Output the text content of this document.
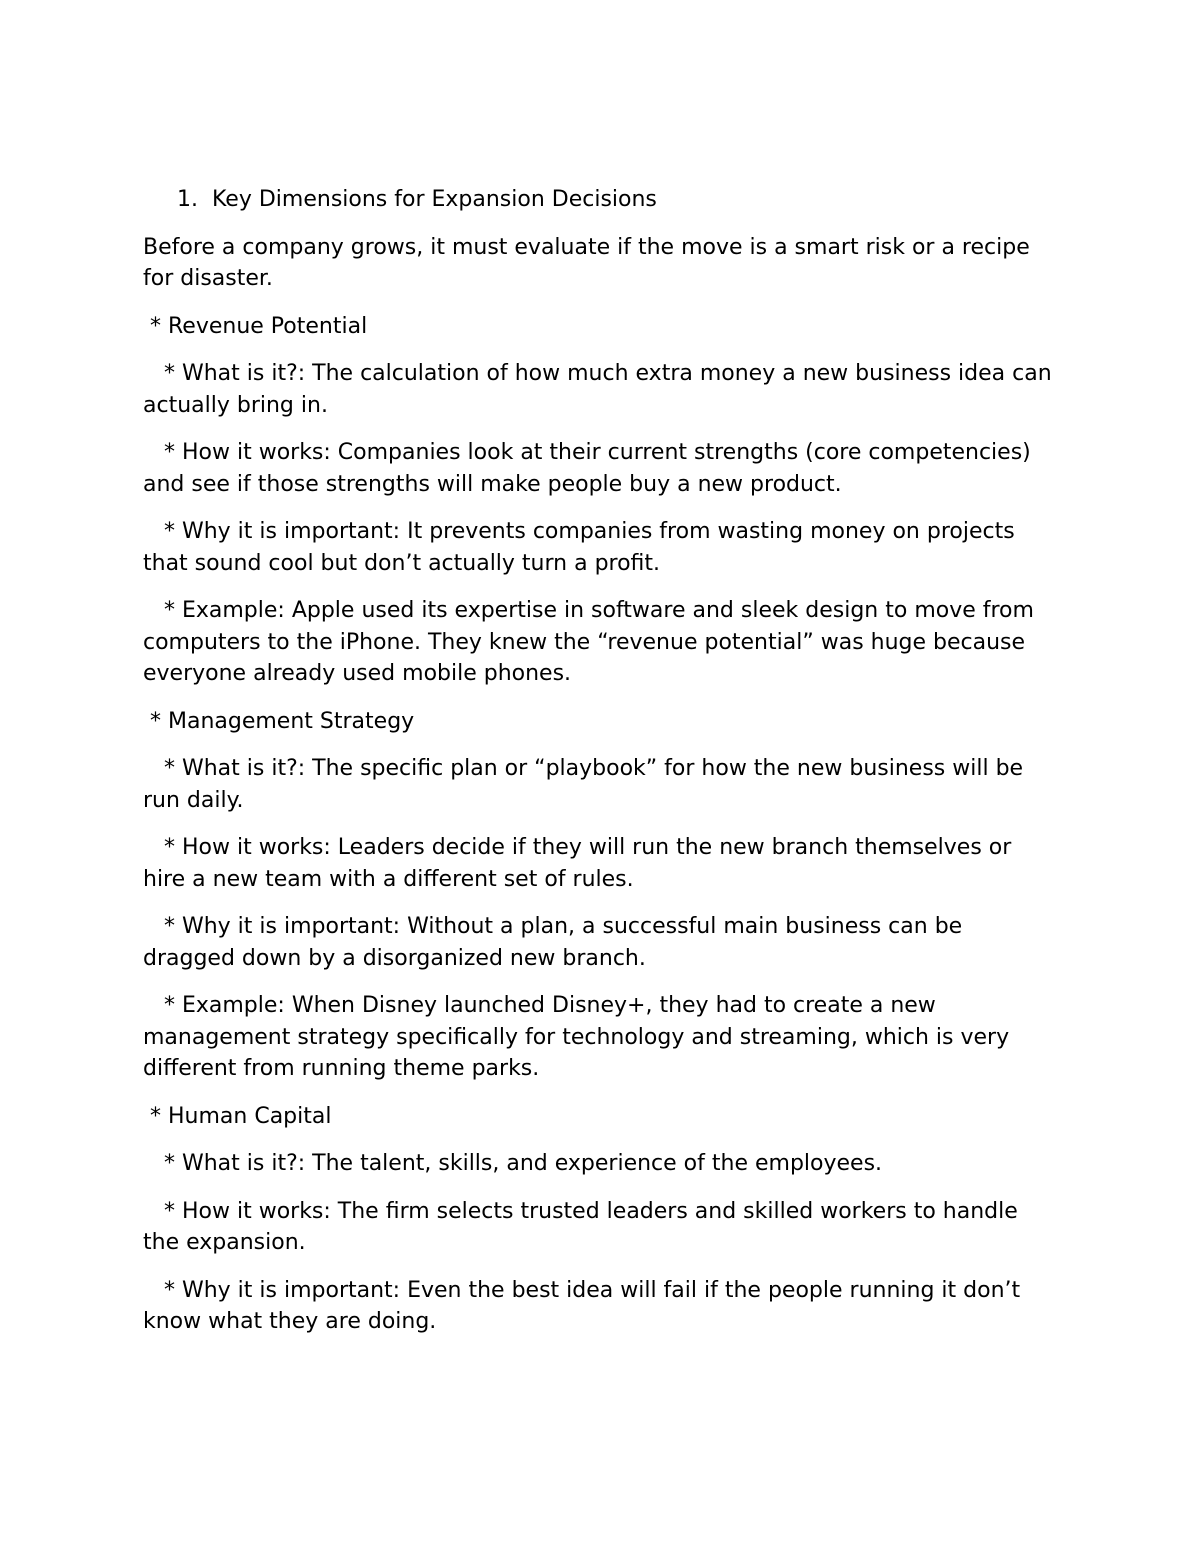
1.  Key Dimensions for Expansion Decisions

Before a company grows, it must evaluate if the move is a smart risk or a recipe for disaster.

* Revenue Potential

* What is it?: The calculation of how much extra money a new business idea can actually bring in.

* How it works: Companies look at their current strengths (core competencies) and see if those strengths will make people buy a new product.

* Why it is important: It prevents companies from wasting money on projects that sound cool but don’t actually turn a profit.

* Example: Apple used its expertise in software and sleek design to move from computers to the iPhone. They knew the “revenue potential” was huge because everyone already used mobile phones.

* Management Strategy

* What is it?: The specific plan or “playbook” for how the new business will be run daily.

* How it works: Leaders decide if they will run the new branch themselves or hire a new team with a different set of rules.

* Why it is important: Without a plan, a successful main business can be dragged down by a disorganized new branch.

* Example: When Disney launched Disney+, they had to create a new management strategy specifically for technology and streaming, which is very different from running theme parks.

* Human Capital

* What is it?: The talent, skills, and experience of the employees.

* How it works: The firm selects trusted leaders and skilled workers to handle the expansion.

* Why it is important: Even the best idea will fail if the people running it don’t know what they are doing.
